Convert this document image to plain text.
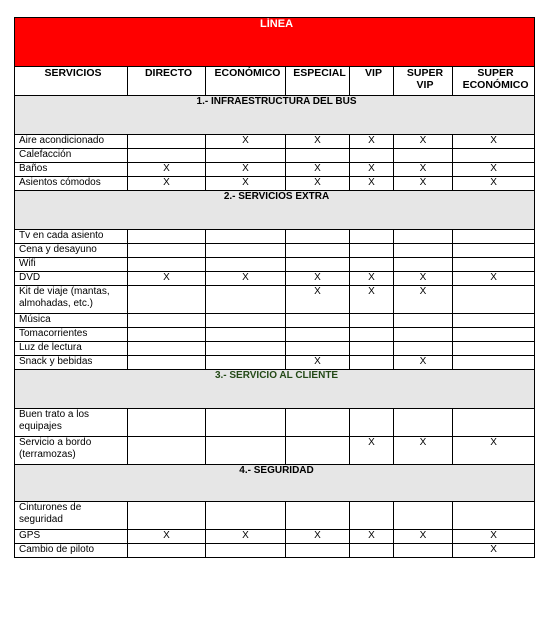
LÍNEA						
SERVICIOS	DIRECTO	ECONÓMICO	ESPECIAL	VIP	SUPER VIP	SUPER ECONÓMICO
1.- INFRAESTRUCTURA DEL BUS						
Aire acondicionado		X	X	X	X	X
Calefacción						
Baños	X	X	X	X	X	X
Asientos cómodos	X	X	X	X	X	X
2.- SERVICIOS EXTRA						
Tv en cada asiento						
Cena y desayuno						
Wifi						
DVD	X	X	X	X	X	X
Kit de viaje (mantas, almohadas, etc.)			X	X	X	
Música						
Tomacorrientes						
Luz de lectura						
Snack y bebidas			X		X	
3.- SERVICIO AL CLIENTE						
Buen trato a los equipajes						
Servicio a bordo (terramozas)				X	X	X
4.- SEGURIDAD						
Cinturones de seguridad						
GPS	X	X	X	X	X	X
Cambio de piloto						X
